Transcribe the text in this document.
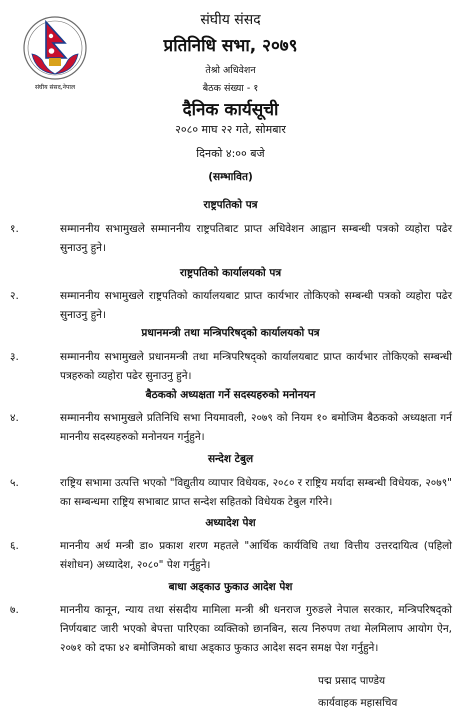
संघीय संसद,नेपाल
संघीय संसद
प्रतिनिधि सभा, २०७९
तेश्रो अधिवेशन
बैठक संख्या - १
दैनिक कार्यसूची
२०८० माघ २२ गते, सोमबार
दिनको ४:०० बजे
(सम्भावित)
राष्ट्रपतिको पत्र
१.	सम्माननीय सभामुखले सम्माननीय राष्ट्रपतिबाट प्राप्त अधिवेशन आह्वान सम्बन्धी पत्रको व्यहोरा पढेर सुनाउनु हुने।
राष्ट्रपतिको कार्यालयको पत्र
२.	सम्माननीय सभामुखले राष्ट्रपतिको कार्यालयबाट प्राप्त कार्यभार तोकिएको सम्बन्धी पत्रको व्यहोरा पढेर सुनाउनु हुने।
प्रधानमन्त्री तथा मन्त्रिपरिषद्को कार्यालयको पत्र
३.	सम्माननीय सभामुखले प्रधानमन्त्री तथा मन्त्रिपरिषद्को कार्यालयबाट प्राप्त कार्यभार तोकिएको सम्बन्धी पत्रहरुको व्यहोरा पढेर सुनाउनु हुने।
बैठकको अध्यक्षता गर्ने सदस्यहरुको मनोनयन
४.	सम्माननीय सभामुखले प्रतिनिधि सभा नियमावली, २०७९ को नियम १० बमोजिम बैठकको अध्यक्षता गर्न माननीय सदस्यहरुको मनोनयन गर्नुहुने।
सन्देश टेबुल
५.	राष्ट्रिय सभामा उत्पत्ति भएको "विद्युतीय व्यापार विधेयक, २०८० र राष्ट्रिय मर्यादा सम्बन्धी विधेयक, २०७९" का सम्बन्धमा राष्ट्रिय सभाबाट प्राप्त सन्देश सहितको विधेयक टेबुल गरिने।
अध्यादेश पेश
६.	माननीय अर्थ मन्त्री डा० प्रकाश शरण महतले "आर्थिक कार्यविधि तथा वित्तीय उत्तरदायित्व (पहिलो संशोधन) अध्यादेश, २०८०" पेश गर्नुहुने।
बाधा अड्काउ फुकाउ आदेश पेश
७.	माननीय कानून, न्याय तथा संसदीय मामिला मन्त्री श्री धनराज गुरुङले नेपाल सरकार, मन्त्रिपरिषद्को निर्णयबाट जारी भएको बेपत्ता पारिएका व्यक्तिको छानबिन, सत्य निरुपण तथा मेलमिलाप आयोग ऐन, २०७१ को दफा ४२ बमोजिमको बाधा अड्काउ फुकाउ आदेश सदन समक्ष पेश गर्नुहुने।
पद्म प्रसाद पाण्डेय
कार्यवाहक महासचिव
